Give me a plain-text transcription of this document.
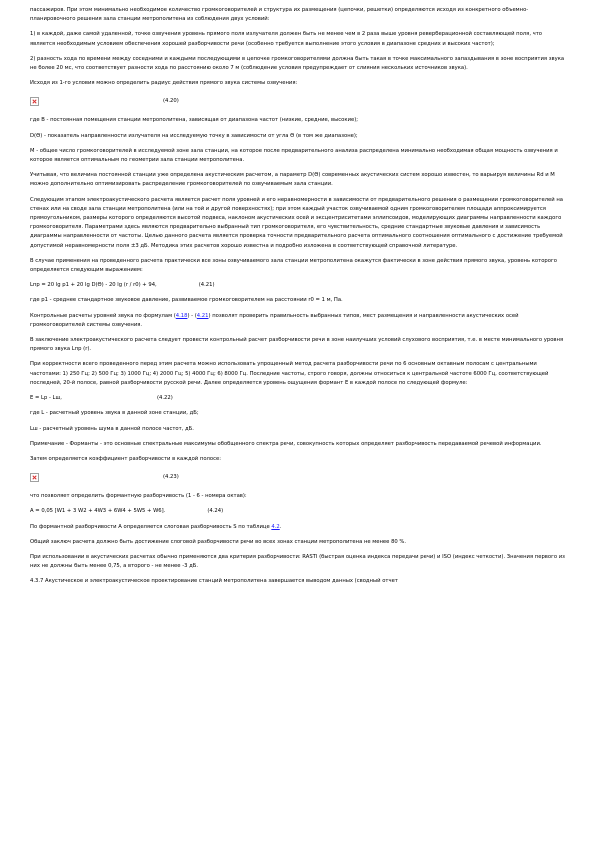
пассажиров. При этом минимально необходимое количество громкоговорителей и структура их размещения (цепочки, решетки) определяются исходя из конкретного объемно-планировочного решения зала станции метрополитена из соблюдения двух условий:

1) в каждой, даже самой удаленной, точке озвучения уровень прямого поля излучателя должен быть не менее чем в 2 раза выше уровня реверберационной составляющей поля, что является необходимым условием обеспечения хорошей разборчивости речи (особенно требуется выполнение этого условия в диапазоне средних и высоких частот);

2) разность хода по времени между соседними и каждыми последующими в цепочке громкоговорителями должна быть такая в точке максимального запаздывания в зоне восприятия звука не более 20 мс, что соответствует разности хода по расстоянию около 7 м (соблюдение условия предупреждает от слияния нескольких источников звука).

Исходя из 1-го условия можно определить радиус действия прямого звука системы озвучения:

(4.20)

где B - постоянная помещения станции метрополитена, зависящая от диапазона частот (низкие, средние, высокие);

D(Θ) - показатель направленности излучателя на исследуемую точку в зависимости от угла Θ (в том же диапазоне);

M - общее число громкоговорителей в исследуемой зоне зала станции, на которое после предварительного анализа распределена минимально необходимая общая мощность озвучения и которое является оптимальным по геометрии зала станции метрополитена.

Учитывая, что величина постоянной станции уже определена акустическим расчетом, а параметр D(Θ) современных акустических систем хорошо известен, то варьируя величины Rd и M можно дополнительно оптимизировать распределение громкоговорителей по озвучиваемым зала станции.

Следующим этапом электроакустического расчета является расчет поля уровней и его неравномерности в зависимости от предварительного решения о размещении громкоговорителей на стенах или на своде зала станции метрополитена (или на той и другой поверхностях); при этом каждый участок озвучиваемой одним громкоговорителем площади аппроксимируется прямоугольником, размеры которого определяются высотой подвеса, наклоном акустических осей и эксцентриситетами эллипсоидов, моделирующих диаграммы направленности каждого громкоговорителя. Параметрами здесь являются предварительно выбранный тип громкоговорителя, его чувствительность, средние стандартные звуковые давления и зависимость диаграммы направленности от частоты. Целью данного расчета является проверка точности предварительного расчета оптимального соотношения оптимального с достижение требуемой допустимой неравномерности поля ±3 дБ. Методика этих расчетов хорошо известна и подробно изложена в соответствующей справочной литературе.

В случае применения на проведенного расчета практически все зоны озвучиваемого зала станции метрополитена окажутся фактически в зоне действия прямого звука, уровень которого определяется следующим выражением:

Lпр = 20 lg p1 + 20 lg D(Θ) - 20 lg (r / r0) + 94,	(4.21)

где p1 - среднее стандартное звуковое давление, развиваемое громкоговорителем на расстоянии r0 = 1 м, Па.

Контрольные расчеты уровней звука по формулам (4.18) - (4.21) позволят проверить правильность выбранных типов, мест размещения и направленности акустических осей громкоговорителей системы озвучения.

В заключение электроакустического расчета следует провести контрольный расчет разборчивости речи в зоне наилучших условий слухового восприятия, т.е. в месте минимального уровня прямого звука Lпр (r).

При корректности всего проведенного перед этим расчета можно использовать упрощенный метод расчета разборчивости речи по 6 основным октавным полосам с центральными частотами: 1) 250 Гц; 2) 500 Гц; 3) 1000 Гц; 4) 2000 Гц; 5) 4000 Гц; 6) 8000 Гц. Последние частоты, строго говоря, должны относиться к центральной частоте 6000 Гц, соответствующей последней, 20-й полосе, равной разборчивости русской речи. Далее определяется уровень ощущения формант E в каждой полосе по следующей формуле:

E = Lр - Lш,	(4.22)

где L - расчетный уровень звука в данной зоне станции, дБ;

Lш - расчетный уровень шума в данной полосе частот, дБ.

Примечание - Форманты - это основные спектральные максимумы обобщенного спектра речи, совокупность которых определяет разборчивость передаваемой речевой информации.

Затем определяется коэффициент разборчивости в каждой полосе:

(4.23)

что позволяет определить формантную разборчивость (1 - 6 - номера октав):

A = 0,05 [W1 + 3 W2 + 4W3 + 6W4 + 5W5 + W6].	(4.24)

По формантной разборчивости A определяется слоговая разборчивость S по таблице 4.2.

Общий заключ расчета должно быть достижение слоговой разборчивости речи во всех зонах станции метрополитена не менее 80 %.

При использовании в акустических расчетах обычно применяются два критерия разборчивости: RASTI (быстрая оценка индекса передачи речи) и ISO (индекс четкости). Значения первого из них не должны быть менее 0,75, а второго - не менее -3 дБ.

4.3.7 Акустическое и электроакустическое проектирование станций метрополитена завершается выводом данных (сводный отчет
